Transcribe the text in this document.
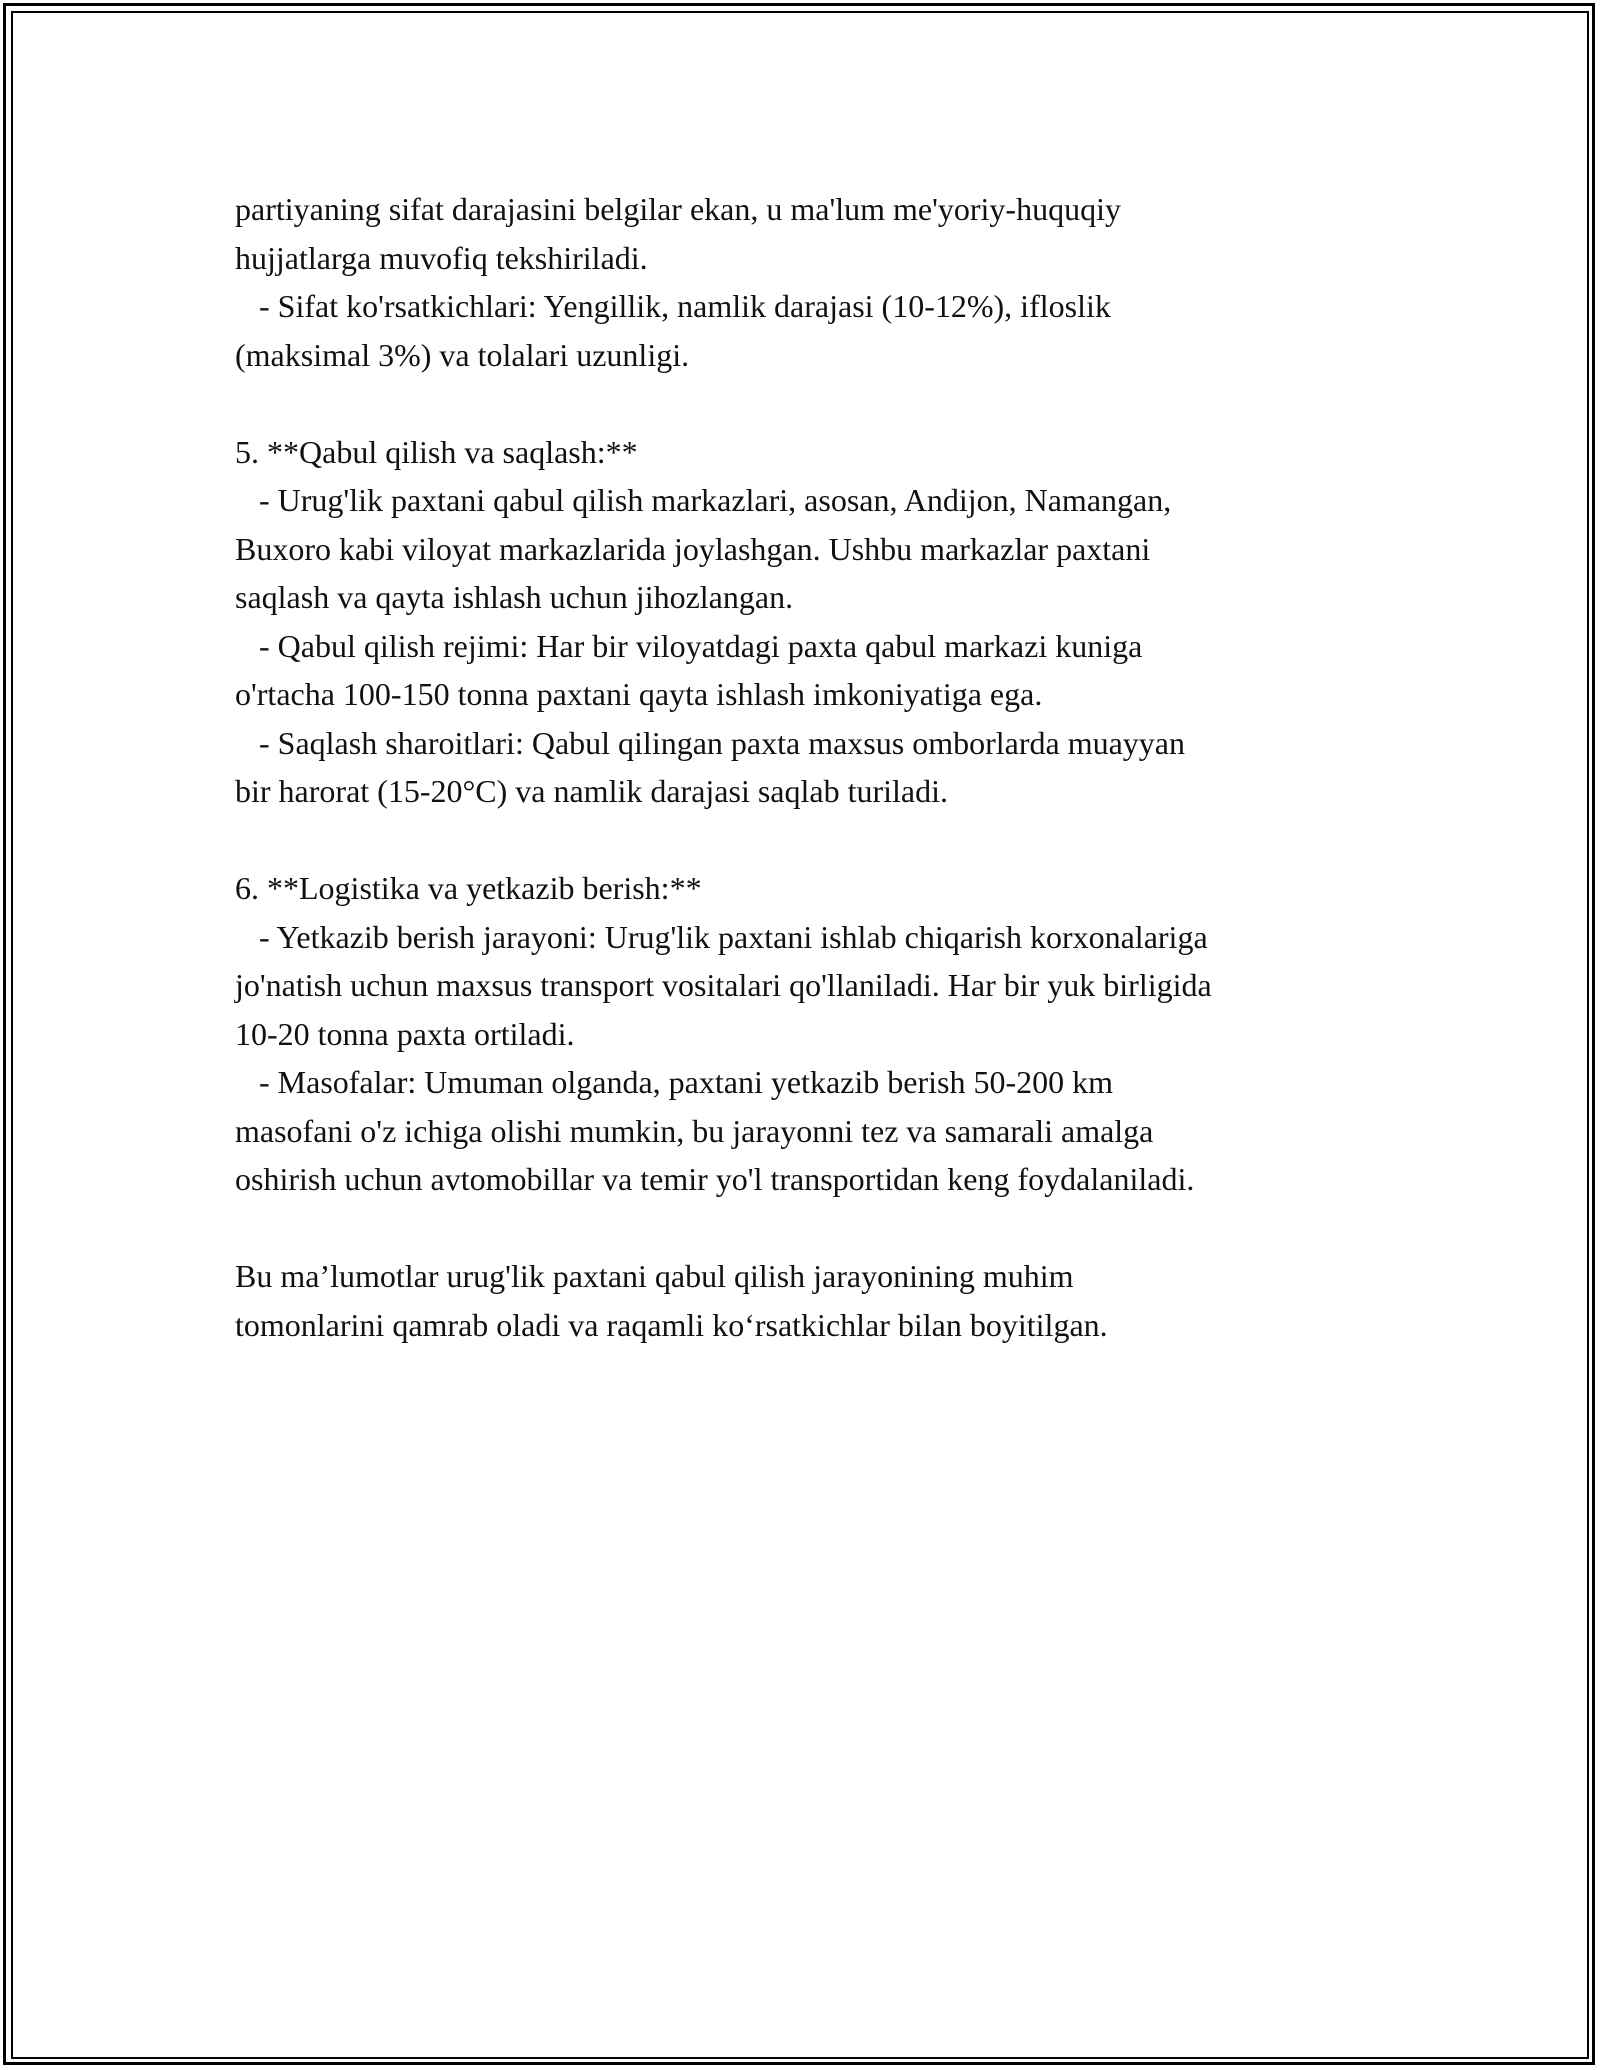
partiyaning sifat darajasini belgilar ekan, u ma'lum me'yoriy-huquqiy
hujjatlarga muvofiq tekshiriladi.
- Sifat ko'rsatkichlari: Yengillik, namlik darajasi (10-12%), ifloslik
(maksimal 3%) va tolalari uzunligi.
5. **Qabul qilish va saqlash:**
- Urug'lik paxtani qabul qilish markazlari, asosan, Andijon, Namangan,
Buxoro kabi viloyat markazlarida joylashgan. Ushbu markazlar paxtani
saqlash va qayta ishlash uchun jihozlangan.
- Qabul qilish rejimi: Har bir viloyatdagi paxta qabul markazi kuniga
o'rtacha 100-150 tonna paxtani qayta ishlash imkoniyatiga ega.
- Saqlash sharoitlari: Qabul qilingan paxta maxsus omborlarda muayyan
bir harorat (15-20°C) va namlik darajasi saqlab turiladi.
6. **Logistika va yetkazib berish:**
- Yetkazib berish jarayoni: Urug'lik paxtani ishlab chiqarish korxonalariga
jo'natish uchun maxsus transport vositalari qo'llaniladi. Har bir yuk birligida
10-20 tonna paxta ortiladi.
- Masofalar: Umuman olganda, paxtani yetkazib berish 50-200 km
masofani o'z ichiga olishi mumkin, bu jarayonni tez va samarali amalga
oshirish uchun avtomobillar va temir yo'l transportidan keng foydalaniladi.
Bu ma’lumotlar urug'lik paxtani qabul qilish jarayonining muhim
tomonlarini qamrab oladi va raqamli ko‘rsatkichlar bilan boyitilgan.
